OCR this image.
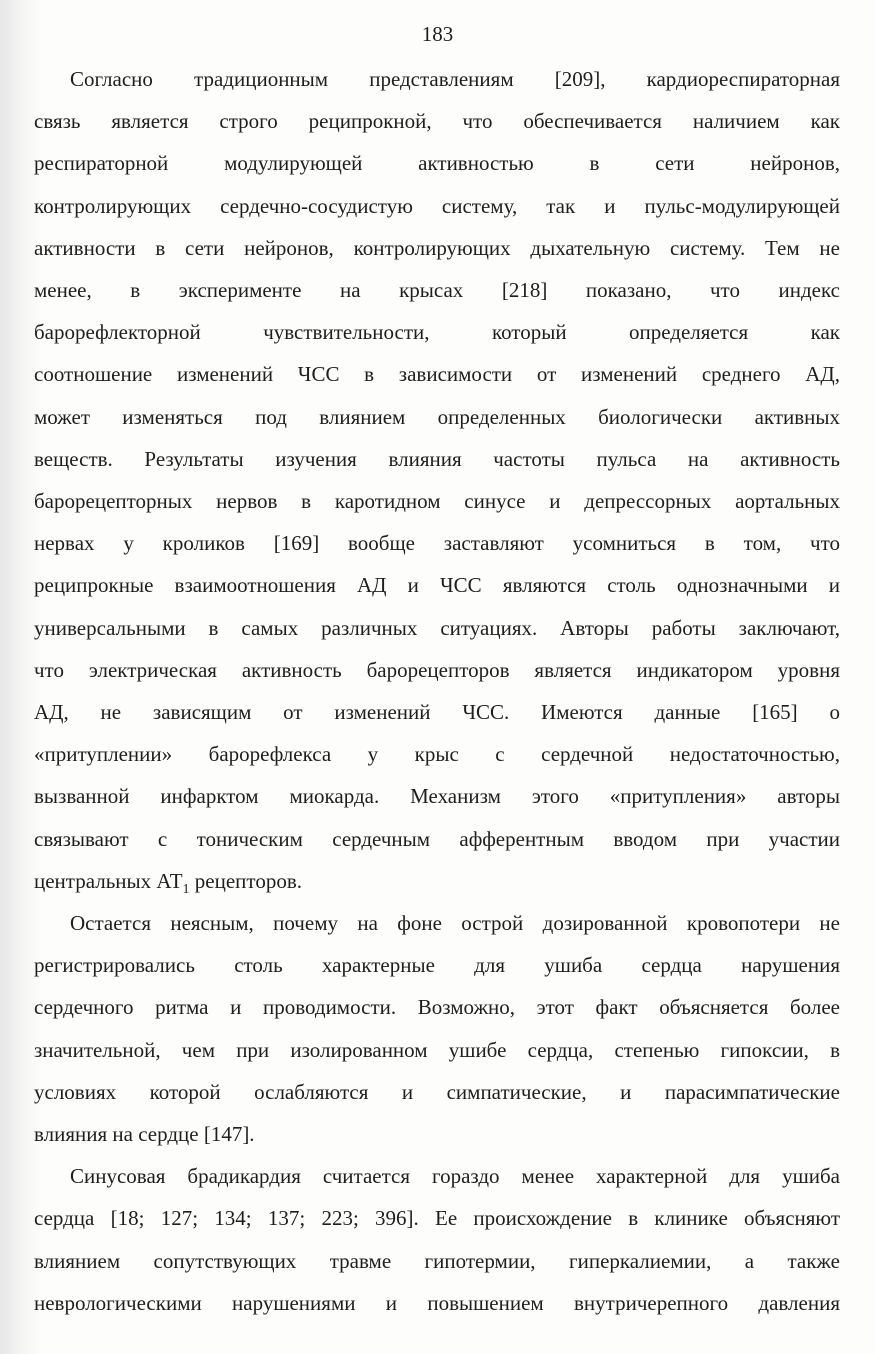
183

Согласно традиционным представлениям [209], кардиореспираторная

связь является строго реципрокной, что обеспечивается наличием как

респираторной модулирующей активностью в сети нейронов,

контролирующих сердечно-сосудистую систему, так и пульс-модулирующей

активности в сети нейронов, контролирующих дыхательную систему. Тем не

менее, в эксперименте на крысах [218] показано, что индекс

барорефлекторной чувствительности, который определяется как

соотношение изменений ЧСС в зависимости от изменений среднего АД,

может изменяться под влиянием определенных биологически активных

веществ. Результаты изучения влияния частоты пульса на активность

барорецепторных нервов в каротидном синусе и депрессорных аортальных

нервах у кроликов [169] вообще заставляют усомниться в том, что

реципрокные взаимоотношения АД и ЧСС являются столь однозначными и

универсальными в самых различных ситуациях. Авторы работы заключают,

что электрическая активность барорецепторов является индикатором уровня

АД, не зависящим от изменений ЧСС. Имеются данные [165] о

«притуплении» барорефлекса у крыс с сердечной недостаточностью,

вызванной инфарктом миокарда. Механизм этого «притупления» авторы

связывают с тоническим сердечным афферентным вводом при участии

центральных $АТ_1$ рецепторов.

Остается неясным, почему на фоне острой дозированной кровопотери не

регистрировались столь характерные для ушиба сердца нарушения

сердечного ритма и проводимости. Возможно, этот факт объясняется более

значительной, чем при изолированном ушибе сердца, степенью гипоксии, в

условиях которой ослабляются и симпатические, и парасимпатические

влияния на сердце [147].

Синусовая брадикардия считается гораздо менее характерной для ушиба

сердца [18; 127; 134; 137; 223; 396]. Ее происхождение в клинике объясняют

влиянием сопутствующих травме гипотермии, гиперкалиемии, а также

неврологическими нарушениями и повышением внутричерепного давления
